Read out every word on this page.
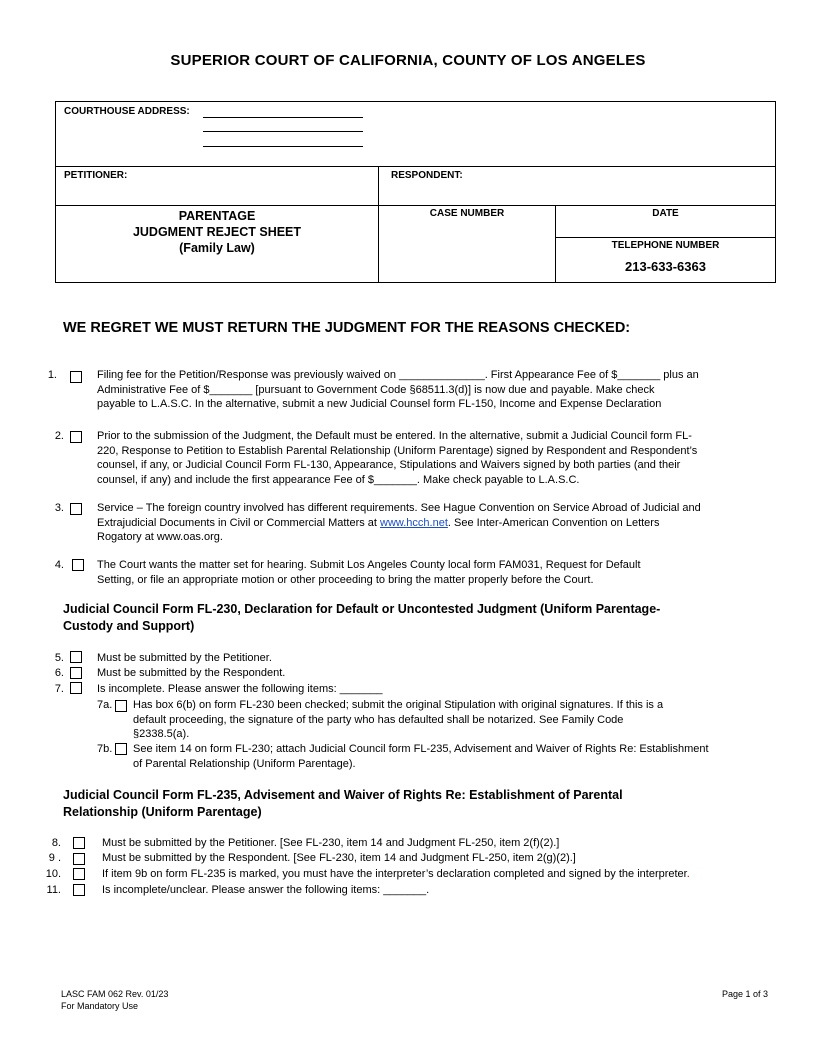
SUPERIOR COURT OF CALIFORNIA, COUNTY OF LOS ANGELES
COURTHOUSE ADDRESS:
PETITIONER:	RESPONDENT:
PARENTAGE
JUDGMENT REJECT SHEET
(Family Law)
CASE NUMBER	DATE
TELEPHONE NUMBER
213-633-6363
WE REGRET WE MUST RETURN THE JUDGMENT FOR THE REASONS CHECKED:
1.	Filing fee for the Petition/Response was previously waived on ______________. First Appearance Fee of $_______ plus an
Administrative Fee of $_______ [pursuant to Government Code §68511.3(d)] is now due and payable. Make check
payable to L.A.S.C. In the alternative, submit a new Judicial Counsel form FL-150, Income and Expense Declaration
2.	Prior to the submission of the Judgment, the Default must be entered. In the alternative, submit a Judicial Council form FL-
220, Response to Petition to Establish Parental Relationship (Uniform Parentage) signed by Respondent and Respondent’s
counsel, if any, or Judicial Council Form FL-130, Appearance, Stipulations and Waivers signed by both parties (and their
counsel, if any) and include the first appearance Fee of $_______. Make check payable to L.A.S.C.
3.	Service – The foreign country involved has different requirements. See Hague Convention on Service Abroad of Judicial and
Extrajudicial Documents in Civil or Commercial Matters at www.hcch.net. See Inter-American Convention on Letters
Rogatory at www.oas.org.
4.	The Court wants the matter set for hearing. Submit Los Angeles County local form FAM031, Request for Default
Setting, or file an appropriate motion or other proceeding to bring the matter properly before the Court.
Judicial Council Form FL-230, Declaration for Default or Uncontested Judgment (Uniform Parentage-
Custody and Support)
5.	Must be submitted by the Petitioner.
6.	Must be submitted by the Respondent.
7.	Is incomplete. Please answer the following items: _______
7a. Has box 6(b) on form FL-230 been checked; submit the original Stipulation with original signatures. If this is a
default proceeding, the signature of the party who has defaulted shall be notarized. See Family Code
§2338.5(a).
7b. See item 14 on form FL-230; attach Judicial Council form FL-235, Advisement and Waiver of Rights Re: Establishment
of Parental Relationship (Uniform Parentage).
Judicial Council Form FL-235, Advisement and Waiver of Rights Re: Establishment of Parental
Relationship (Uniform Parentage)
8.	Must be submitted by the Petitioner. [See FL-230, item 14 and Judgment FL-250, item 2(f)(2).]
9 .	Must be submitted by the Respondent. [See FL-230, item 14 and Judgment FL-250, item 2(g)(2).]
10.	If item 9b on form FL-235 is marked, you must have the interpreter’s declaration completed and signed by the interpreter.
11.	Is incomplete/unclear. Please answer the following items: _______.
LASC FAM 062 Rev. 01/23
For Mandatory Use
Page 1 of 3
